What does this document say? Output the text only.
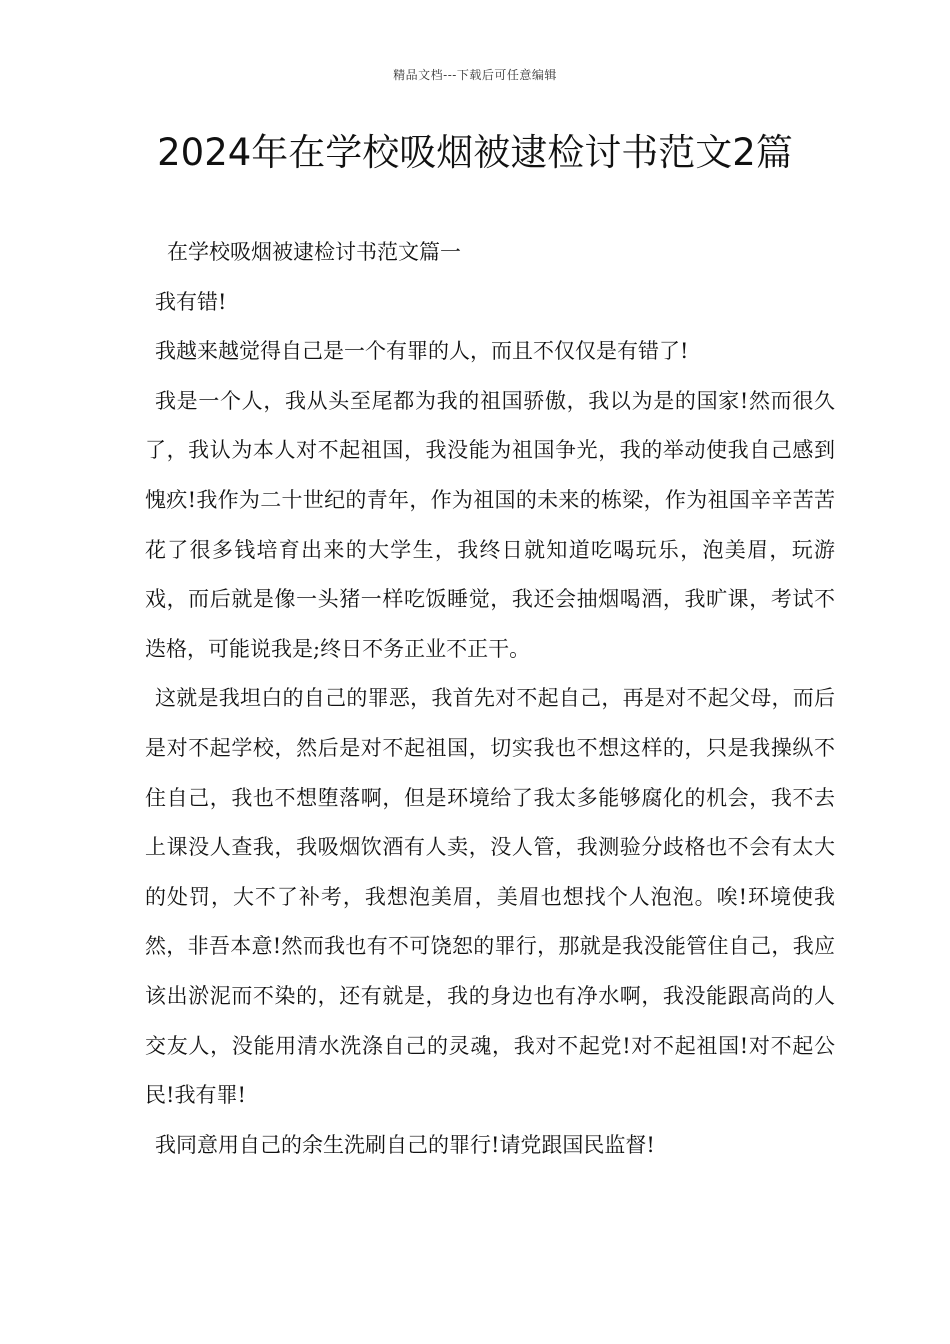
精品文档---下载后可任意编辑
2024年在学校吸烟被逮检讨书范文2篇

在学校吸烟被逮检讨书范文篇一

我有错!

我越来越觉得自己是一个有罪的人，而且不仅仅是有错了!

我是一个人，我从头至尾都为我的祖国骄傲，我以为是的国家!然而很久了，我认为本人对不起祖国，我没能为祖国争光，我的举动使我自己感到愧疚!我作为二十世纪的青年，作为祖国的未来的栋梁，作为祖国辛辛苦苦花了很多钱培育出来的大学生，我终日就知道吃喝玩乐，泡美眉，玩游戏，而后就是像一头猪一样吃饭睡觉，我还会抽烟喝酒，我旷课，考试不迭格，可能说我是;终日不务正业不正干。

这就是我坦白的自己的罪恶，我首先对不起自己，再是对不起父母，而后是对不起学校，然后是对不起祖国，切实我也不想这样的，只是我操纵不住自己，我也不想堕落啊，但是环境给了我太多能够腐化的机会，我不去上课没人查我，我吸烟饮酒有人卖，没人管，我测验分歧格也不会有太大的处罚，大不了补考，我想泡美眉，美眉也想找个人泡泡。唉!环境使我然，非吾本意!然而我也有不可饶恕的罪行，那就是我没能管住自己，我应该出淤泥而不染的，还有就是，我的身边也有净水啊，我没能跟高尚的人交友人，没能用清水洗涤自己的灵魂，我对不起党!对不起祖国!对不起公民!我有罪!

我同意用自己的余生洗刷自己的罪行!请党跟国民监督!
